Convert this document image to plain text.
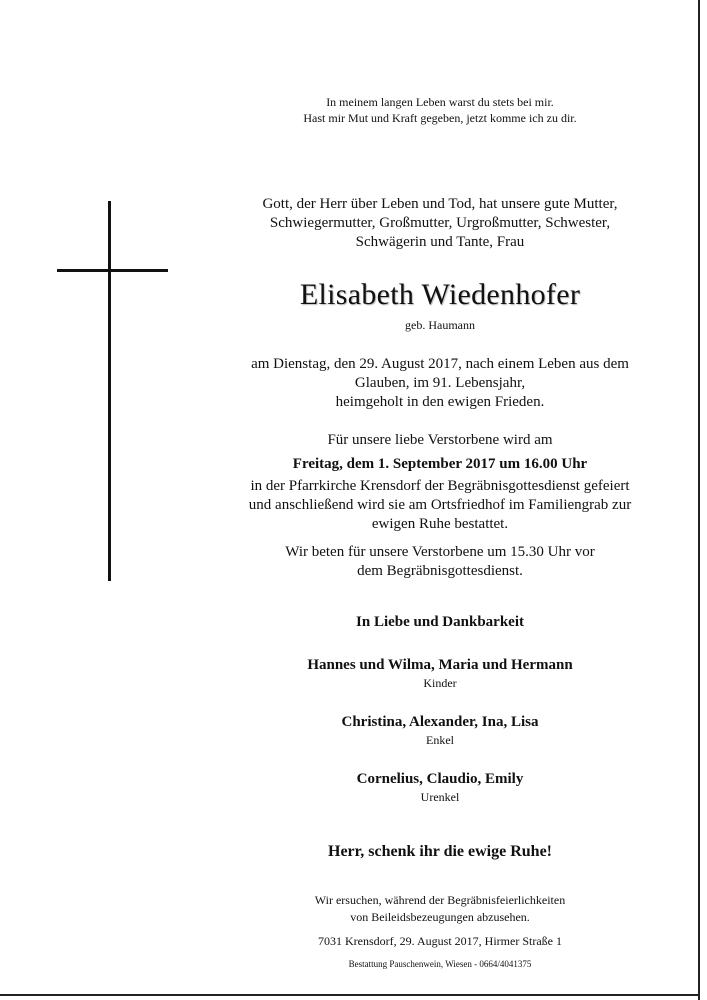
In meinem langen Leben warst du stets bei mir.
Hast mir Mut und Kraft gegeben, jetzt komme ich zu dir.
Gott, der Herr über Leben und Tod, hat unsere gute Mutter,
Schwiegermutter, Großmutter, Urgroßmutter, Schwester,
Schwägerin und Tante, Frau
Elisabeth Wiedenhofer
geb. Haumann
am Dienstag, den 29. August 2017, nach einem Leben aus dem
Glauben, im 91. Lebensjahr,
heimgeholt in den ewigen Frieden.
Für unsere liebe Verstorbene wird am
Freitag, dem 1. September 2017 um 16.00 Uhr
in der Pfarrkirche Krensdorf der Begräbnisgottesdienst gefeiert
und anschließend wird sie am Ortsfriedhof im Familiengrab zur
ewigen Ruhe bestattet.
Wir beten für unsere Verstorbene um 15.30 Uhr vor
dem Begräbnisgottesdienst.
In Liebe und Dankbarkeit
Hannes und Wilma, Maria und Hermann
Kinder
Christina, Alexander, Ina, Lisa
Enkel
Cornelius, Claudio, Emily
Urenkel
Herr, schenk ihr die ewige Ruhe!
Wir ersuchen, während der Begräbnisfeierlichkeiten
von Beileidsbezeugungen abzusehen.
7031 Krensdorf, 29. August 2017, Hirmer Straße 1
Bestattung Pauschenwein, Wiesen - 0664/4041375
